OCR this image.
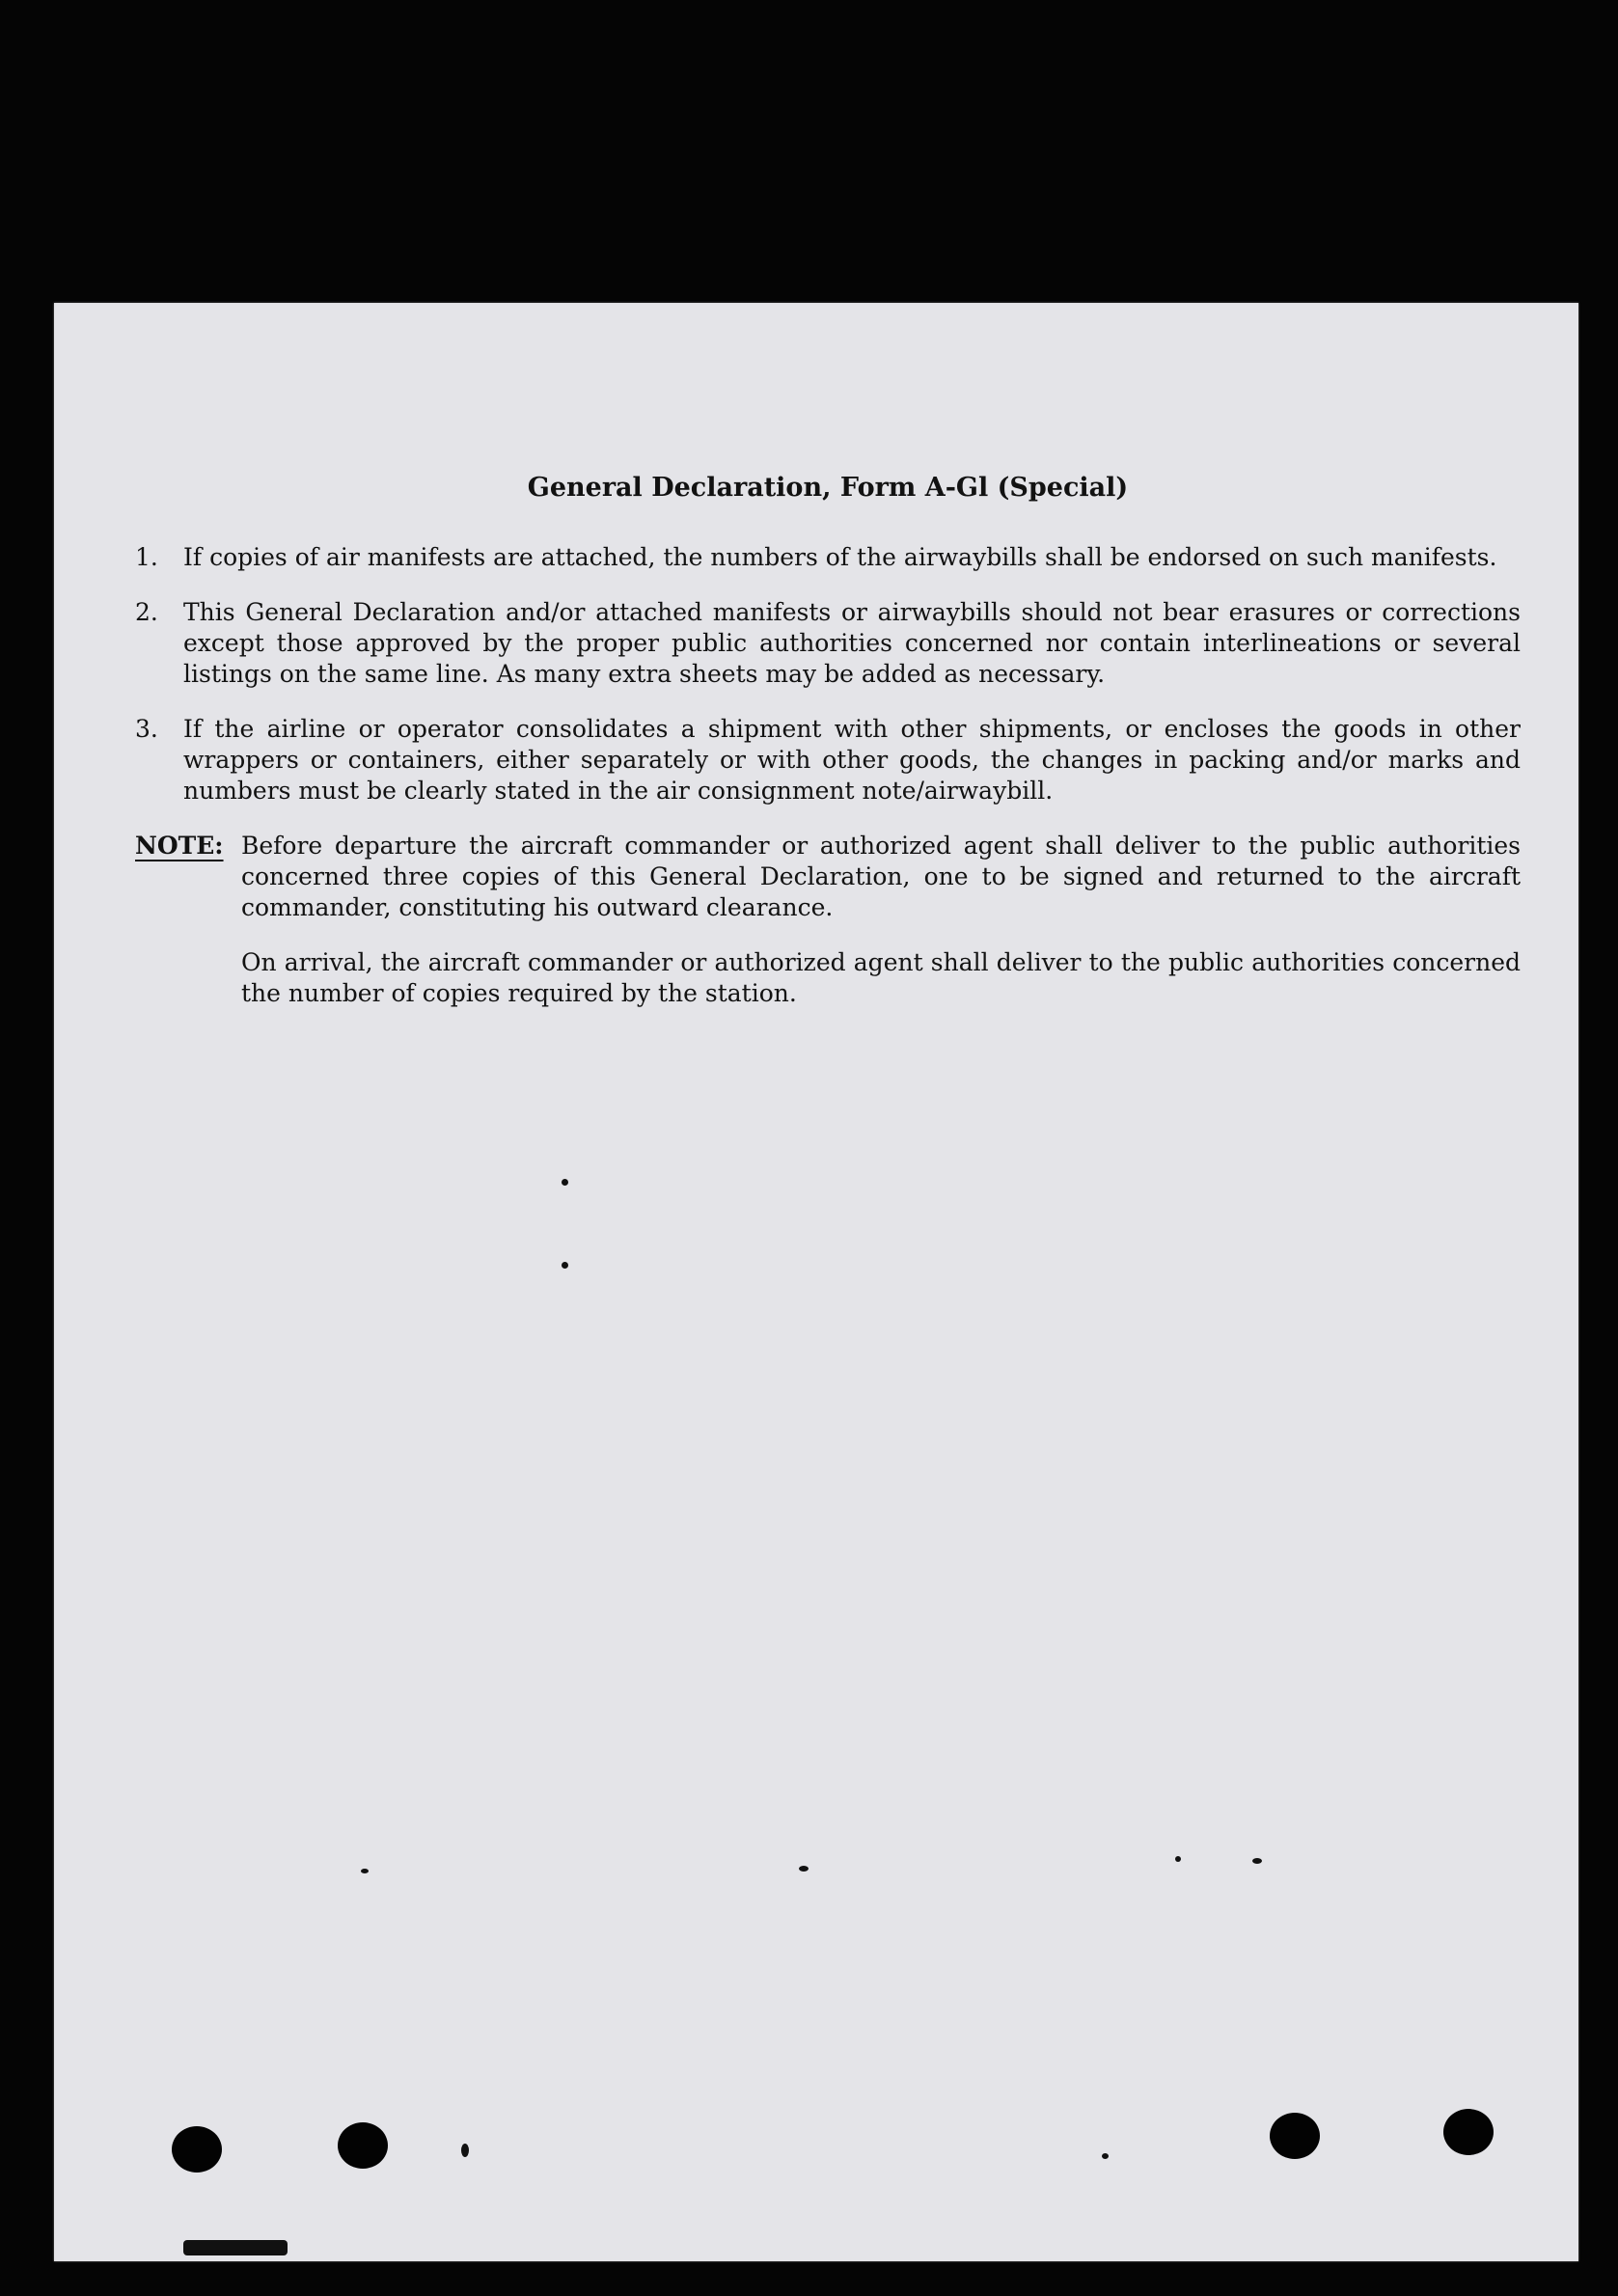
General Declaration, Form A-Gl (Special)
1.	If copies of air manifests are attached, the numbers of the airwaybills shall be endorsed on such manifests.
2.	This General Declaration and/or attached manifests or airwaybills should not bear erasures or corrections except those approved by the proper public authorities concerned nor contain interlineations or several listings on the same line. As many extra sheets may be added as necessary.
3.	If the airline or operator consolidates a shipment with other shipments, or encloses the goods in other wrappers or containers, either separately or with other goods, the changes in packing and/or marks and numbers must be clearly stated in the air consignment note/airwaybill.
NOTE: Before departure the aircraft commander or authorized agent shall deliver to the public authorities concerned three copies of this General Declaration, one to be signed and returned to the aircraft commander, constituting his outward clearance.

On arrival, the aircraft commander or authorized agent shall deliver to the public authorities concerned the number of copies required by the station.
